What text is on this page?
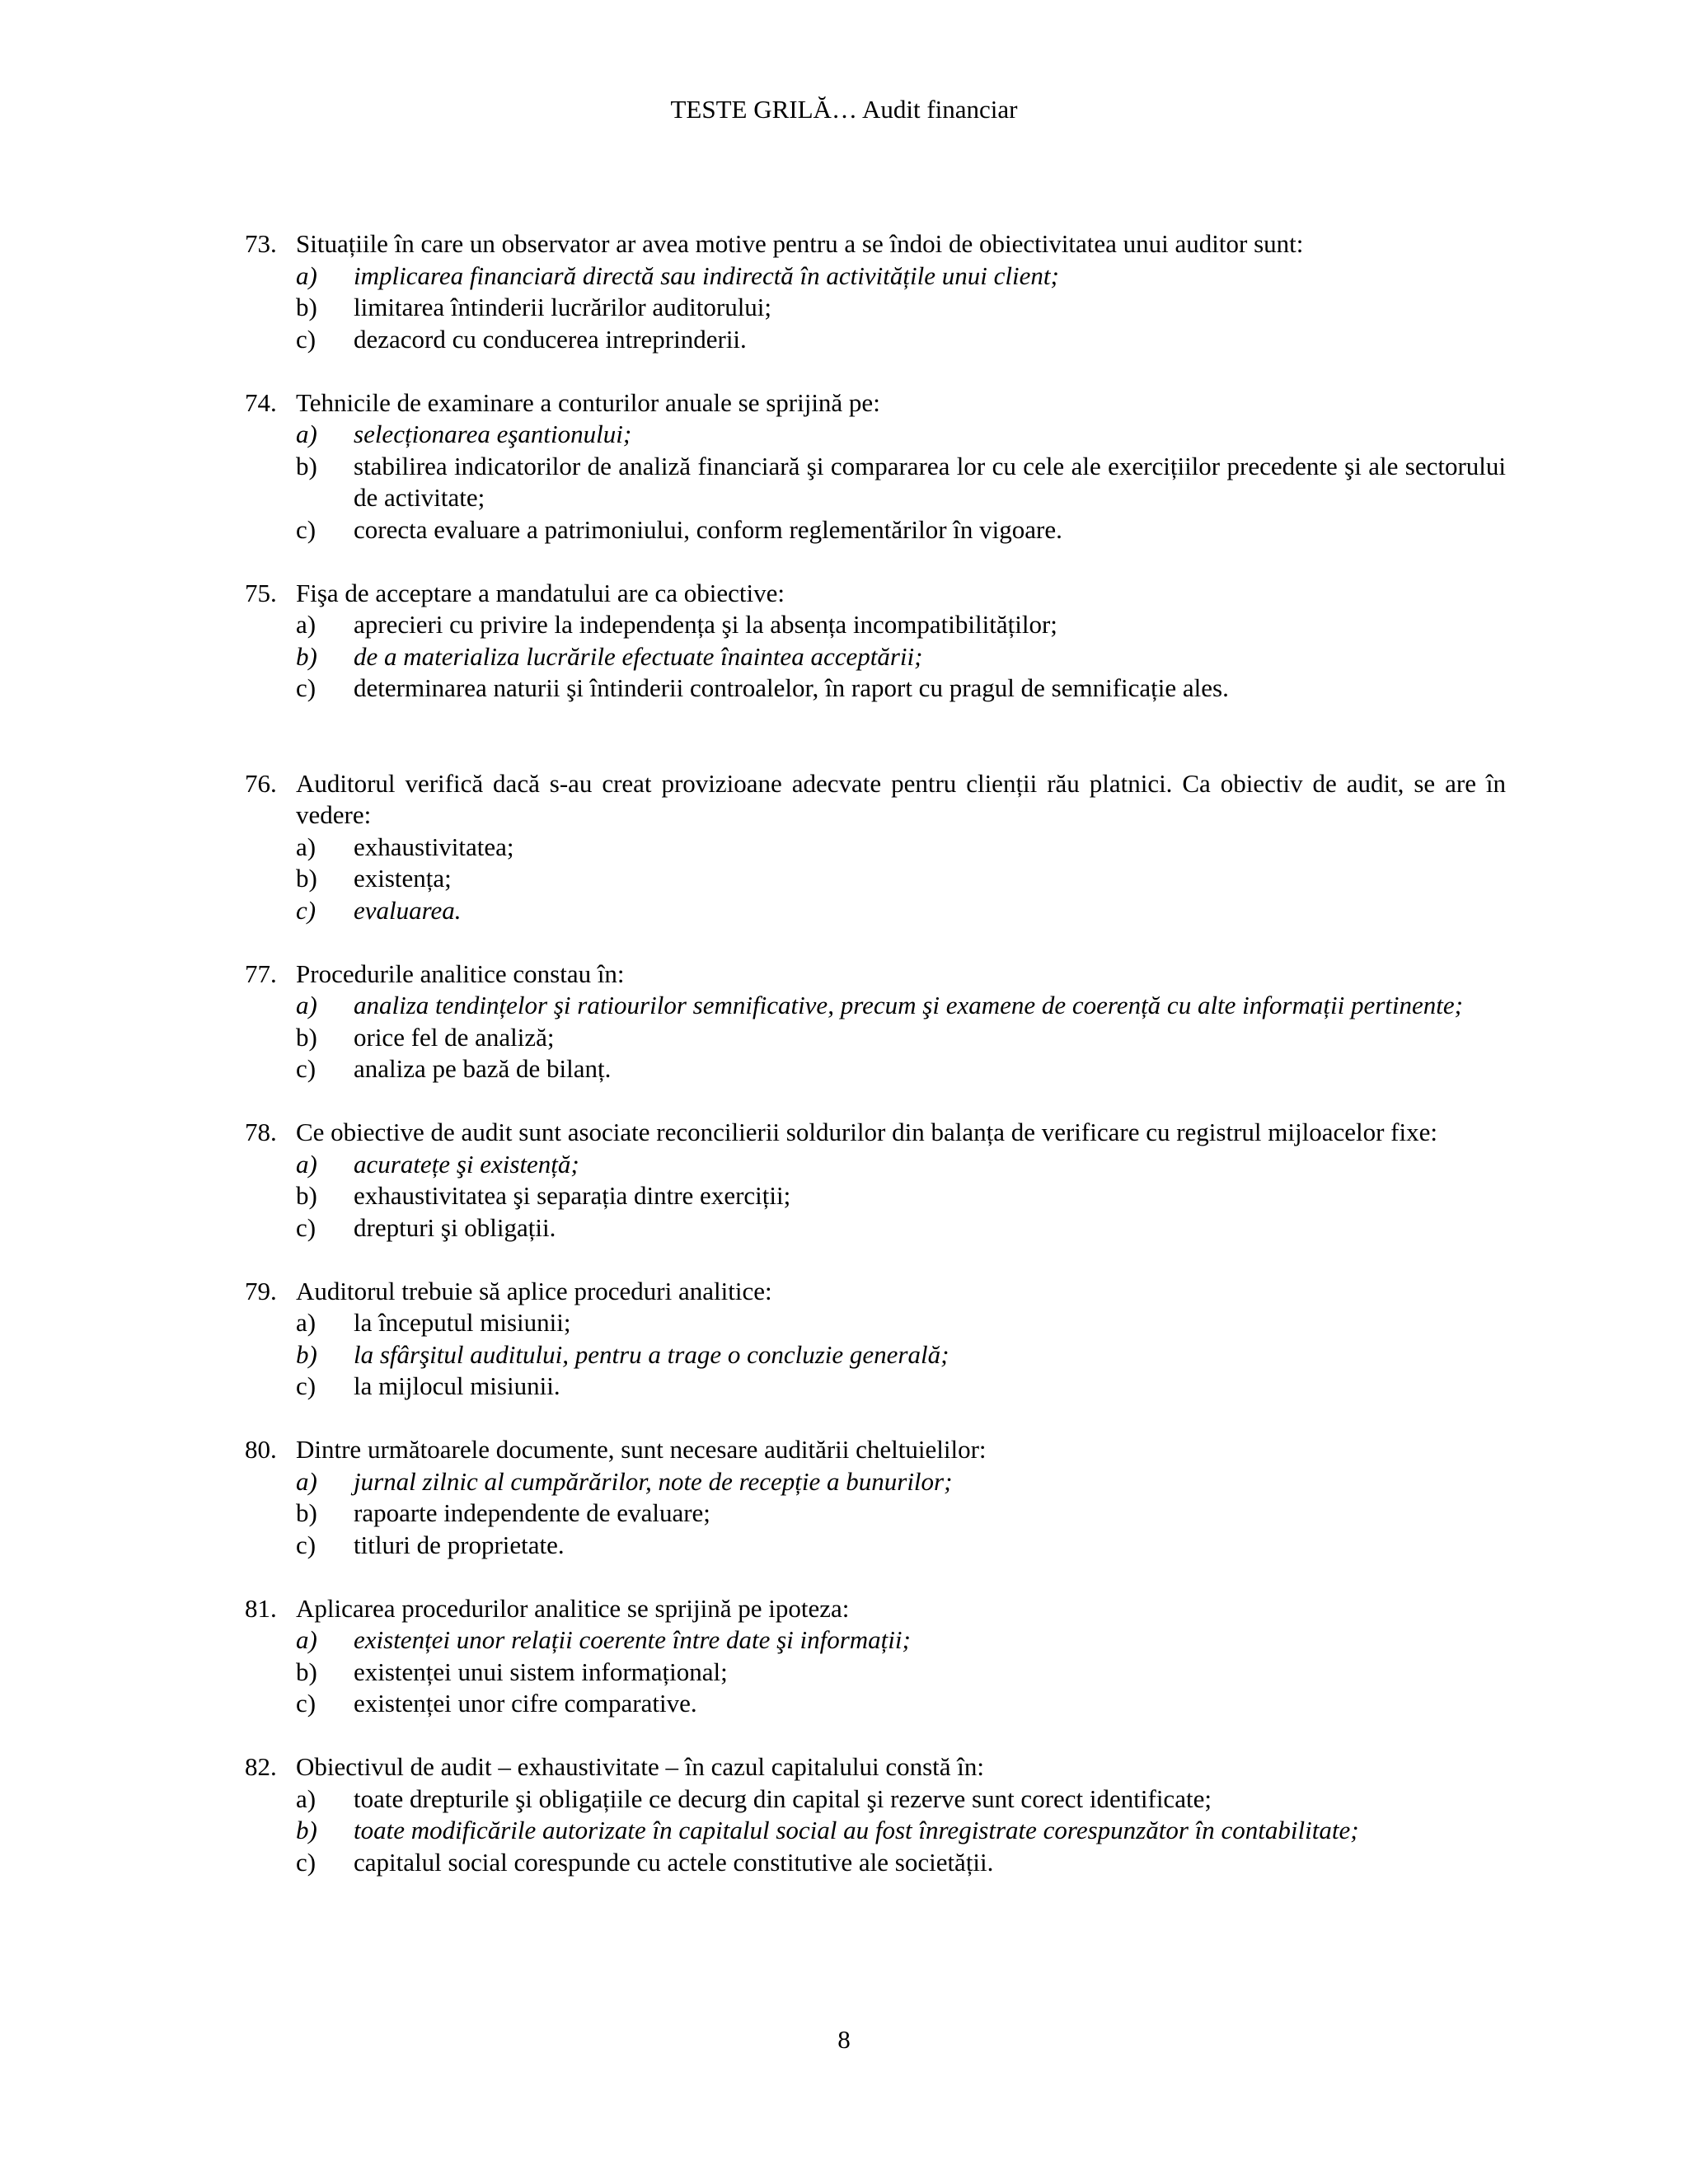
TESTE GRILĂ… Audit financiar
73. Situațiile în care un observator ar avea motive pentru a se îndoi de obiectivitatea unui auditor sunt:
a)	implicarea financiară directă sau indirectă în activitățile unui client;
b)	limitarea întinderii lucrărilor auditorului;
c)	dezacord cu conducerea intreprinderii.
74. Tehnicile de examinare a conturilor anuale se sprijină pe:
a)	selecționarea eşantionului;
b)	stabilirea indicatorilor de analiză financiară şi compararea lor cu cele ale exercițiilor precedente şi ale sectorului de activitate;
c)	corecta evaluare a patrimoniului, conform reglementărilor în vigoare.
75. Fişa de acceptare a mandatului are ca obiective:
a)	aprecieri cu privire la independența şi la absența incompatibilităților;
b)	de a materializa lucrările efectuate înaintea acceptării;
c)	determinarea naturii şi întinderii controalelor, în raport cu pragul de semnificație ales.
76. Auditorul verifică dacă s-au creat provizioane adecvate pentru clienții rău platnici. Ca obiectiv de audit, se are în vedere:
a)	exhaustivitatea;
b)	existența;
c)	evaluarea.
77. Procedurile analitice constau în:
a)	analiza tendințelor şi ratiourilor semnificative, precum şi examene de coerență cu alte informații pertinente;
b)	orice fel de analiză;
c)	analiza pe bază de bilanț.
78. Ce obiective de audit sunt asociate reconcilierii soldurilor din balanța de verificare cu registrul mijloacelor fixe:
a)	acuratețe şi existență;
b)	exhaustivitatea şi separația dintre exerciții;
c)	drepturi şi obligații.
79. Auditorul trebuie să aplice proceduri analitice:
a)	la începutul misiunii;
b)	la sfârşitul auditului, pentru a trage o concluzie generală;
c)	la mijlocul misiunii.
80. Dintre următoarele documente, sunt necesare auditării cheltuielilor:
a)	jurnal zilnic al cumpărărilor, note de recepție a bunurilor;
b)	rapoarte independente de evaluare;
c)	titluri de proprietate.
81. Aplicarea procedurilor analitice se sprijină pe ipoteza:
a)	existenței unor relații coerente între date şi informații;
b)	existenței unui sistem informațional;
c)	existenței unor cifre comparative.
82. Obiectivul de audit – exhaustivitate – în cazul capitalului constă în:
a)	toate drepturile şi obligațiile ce decurg din capital şi rezerve sunt corect identificate;
b)	toate modificările autorizate în capitalul social au fost înregistrate corespunzător în contabilitate;
c)	capitalul social corespunde cu actele constitutive ale societății.
8
